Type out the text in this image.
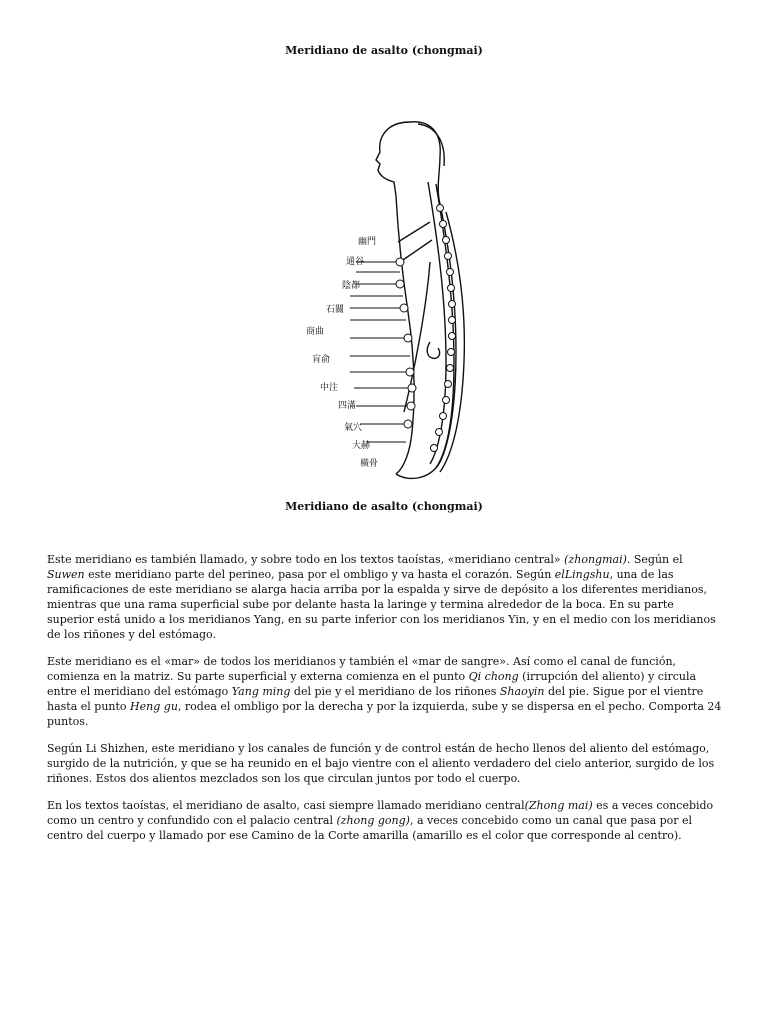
Meridiano de asalto (chongmai)
幽門
通谷
陰都
石關
商曲
肓俞
中注
四滿
氣穴
大赫
橫骨
Meridiano de asalto (chongmai)

Este meridiano es también llamado, y sobre todo en los textos taoístas, «meridiano central» (zhongmai). Según el Suwen este meridiano parte del perineo, pasa por el ombligo y va hasta el corazón. Según elLingshu, una de las ramificaciones de este meridiano se alarga hacia arriba por la espalda y sirve de depósito a los diferentes meridianos, mientras que una rama superficial sube por delante hasta la laringe y termina alrededor de la boca. En su parte superior está unido a los meridianos Yang, en su parte inferior con los meridianos Yin, y en el medio con los meridianos de los riñones y del estómago.

Este meridiano es el «mar» de todos los meridianos y también el «mar de sangre». Así como el canal de función, comienza en la matriz. Su parte superficial y externa comienza en el punto Qi chong (irrupción del aliento) y circula entre el meridiano del estómago Yang ming del pie y el meridiano de los riñones Shaoyin del pie. Sigue por el vientre hasta el punto Heng gu, rodea el ombligo por la derecha y por la izquierda, sube y se dispersa en el pecho. Comporta 24 puntos.

Según Li Shizhen, este meridiano y los canales de función y de control están de hecho llenos del aliento del estómago, surgido de la nutrición, y que se ha reunido en el bajo vientre con el aliento verdadero del cielo anterior, surgido de los riñones. Estos dos alientos mezclados son los que circulan juntos por todo el cuerpo.

En los textos taoístas, el meridiano de asalto, casi siempre llamado meridiano central(Zhong mai) es a veces concebido como un centro y confundido con el palacio central (zhong gong), a veces concebido como un canal que pasa por el centro del cuerpo y llamado por ese Camino de la Corte amarilla (amarillo es el color que corresponde al centro).
